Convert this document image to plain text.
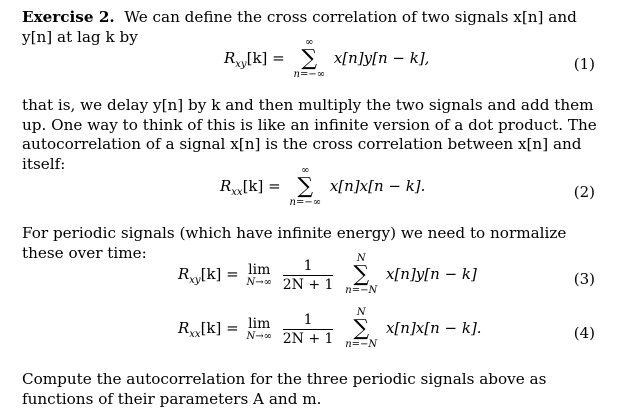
Exercise 2. We can define the cross correlation of two signals x[n] and y[n] at lag k by
$R_{xy}[k]$ =
∞
∑
n=−∞
x[n]y[n − k],	(1)
that is, we delay y[n] by k and then multiply the two signals and add them up. One way to think of this is like an infinite version of a dot product. The autocorrelation of a signal x[n] is the cross correlation between x[n] and itself:
$R_{xx}[k]$ =
∞
∑
n=−∞
x[n]x[n − k].	(2)
For periodic signals (which have infinite energy) we need to normalize these over time:
$R_{xy}[k] = \lim$
N→∞
$\frac{1}{2N + 1}$
	N
∑
n=−N
x[n]y[n − k]	(3)
$R_{xx}[k] = \lim$
N→∞
$\frac{1}{2N + 1}$
	N
∑
n=−N
x[n]x[n − k].	(4)
Compute the autocorrelation for the three periodic signals above as functions of their parameters A and m.
